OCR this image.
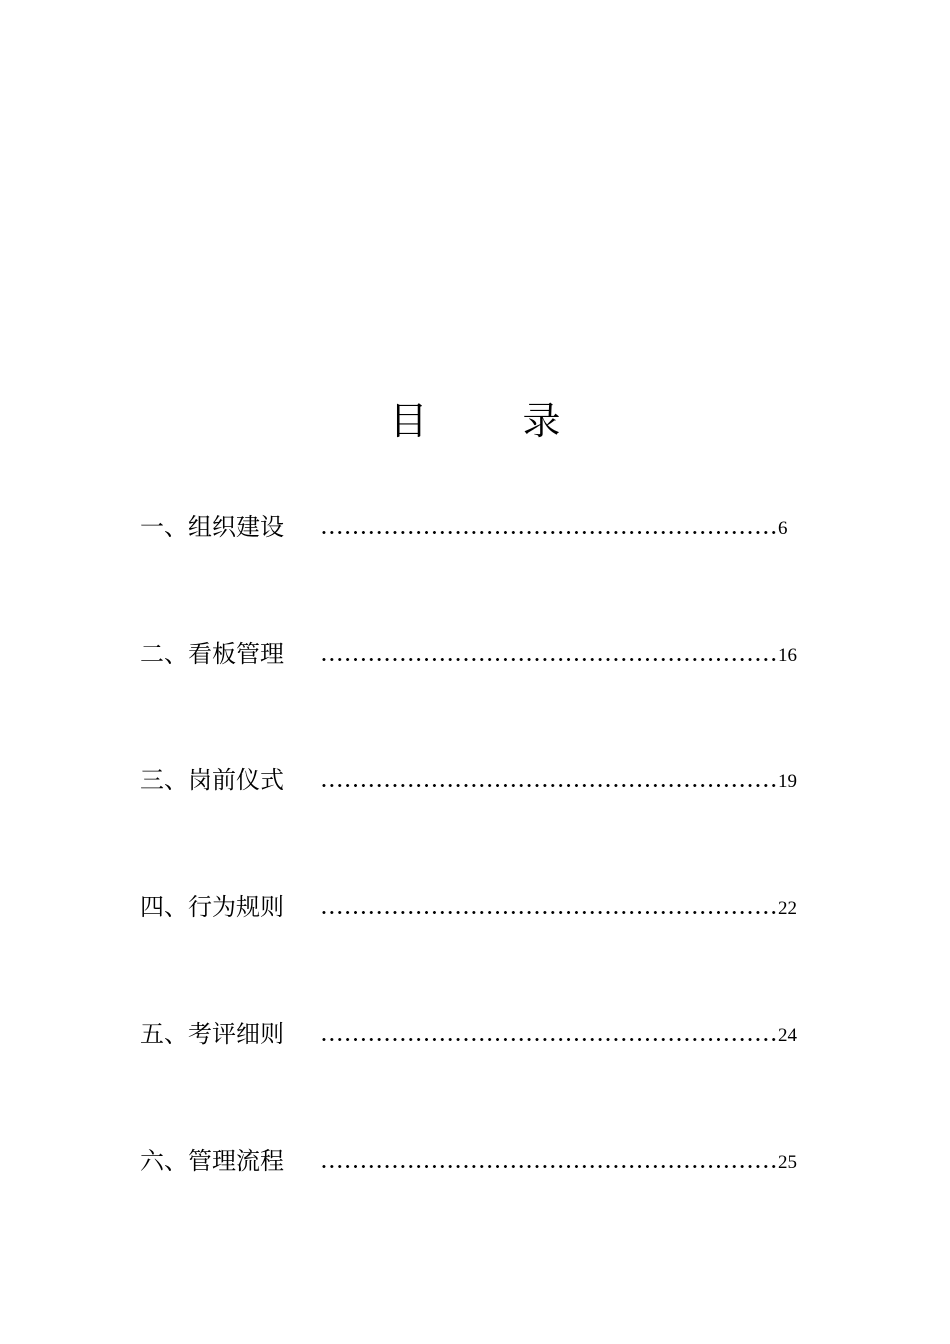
目	录
一、组织建设	6
二、看板管理	16
三、岗前仪式	19
四、行为规则	22
五、考评细则	24
六、管理流程	25
